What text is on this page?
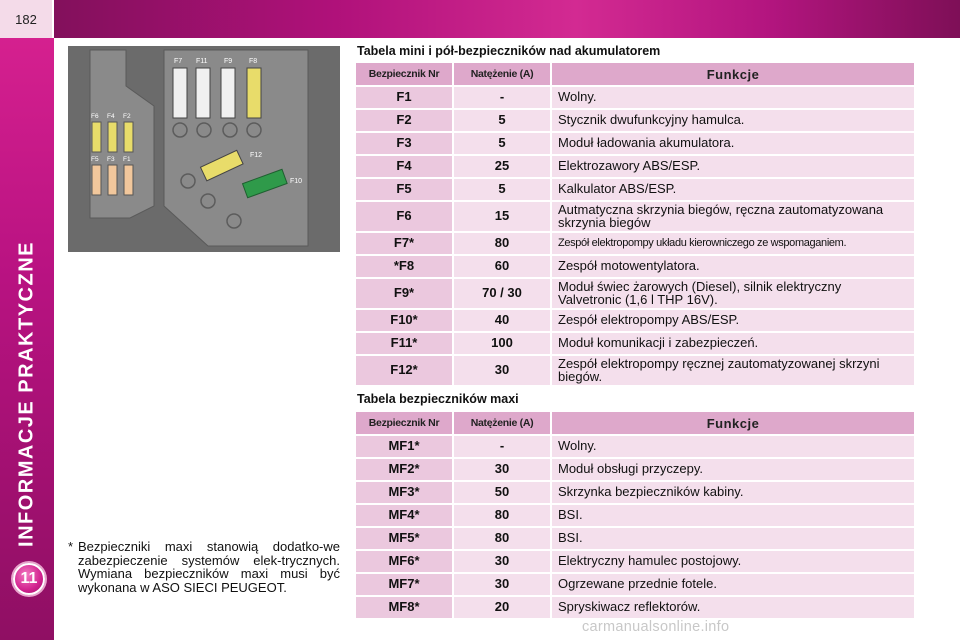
182
INFORMACJE PRAKTYCZNE
11
F7 F11 F9 F8
F6 F4 F2
F5 F3 F1
F12
F10
Tabela mini i pół-bezpieczników nad akumulatorem
Bezpiecznik Nr		Natężenie (A)		Funkcje
F1		-		Wolny.
F2		5		Stycznik dwufunkcyjny hamulca.
F3		5		Moduł ładowania akumulatora.
F4		25		Elektrozawory ABS/ESP.
F5		5		Kalkulator ABS/ESP.
F6		15		Autmatyczna skrzynia biegów, ręczna zautomatyzowana skrzynia biegów
F7*		80		Zespół elektropompy układu kierowniczego ze wspomaganiem.
*F8		60		Zespół motowentylatora.
F9*		70 / 30		Moduł świec żarowych (Diesel), silnik elektryczny Valvetronic (1,6 l THP 16V).
F10*		40		Zespół elektropompy ABS/ESP.
F11*		100		Moduł komunikacji i zabezpieczeń.
F12*		30		Zespół elektropompy ręcznej zautomatyzowanej skrzyni biegów.
Tabela bezpieczników maxi
Bezpiecznik Nr		Natężenie (A)		Funkcje
MF1*		-		Wolny.
MF2*		30		Moduł obsługi przyczepy.
MF3*		50		Skrzynka bezpieczników kabiny.
MF4*		80		BSI.
MF5*		80		BSI.
MF6*		30		Elektryczny hamulec postojowy.
MF7*		30		Ogrzewane przednie fotele.
MF8*		20		Spryskiwacz reflektorów.
* Bezpieczniki maxi stanowią dodatko-we zabezpieczenie systemów elek-trycznych. Wymiana bezpieczników maxi musi być wykonana w ASO SIECI PEUGEOT.
carmanualsonline.info
